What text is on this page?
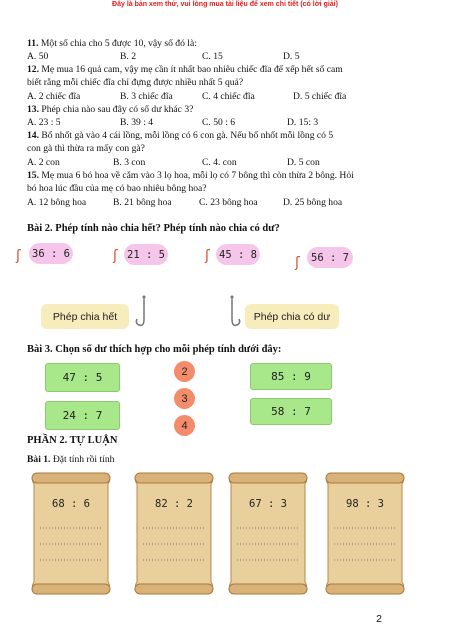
Đây là bản xem thử, vui lòng mua tài liệu để xem chi tiết (có lời giải)
11. Một số chia cho 5 được 10, vậy số đó là:
A. 50	B. 2	C. 15	D. 5
12. Mẹ mua 16 quả cam, vậy mẹ cần ít nhất bao nhiêu chiếc đĩa để xếp hết số cam
biết rằng mỗi chiếc đĩa chỉ đựng được nhiều nhất 5 quả?
A. 2 chiếc đĩa	B. 3 chiếc đĩa	C. 4 chiếc đĩa	D. 5 chiếc đĩa
13. Phép chia nào sau đây có số dư khác 3?
A. 23 : 5	B. 39 : 4	C. 50 : 6	D. 15: 3
14. Bố nhốt gà vào 4 cái lồng, mỗi lồng có 6 con gà. Nếu bố nhốt mỗi lồng có 5
con gà thì thừa ra mấy con gà?
A. 2 con	B. 3 con	C. 4. con	D. 5 con
15. Mẹ mua 6 bó hoa về cắm vào 3 lọ hoa, mỗi lọ có 7 bông thì còn thừa 2 bông. Hỏi
bó hoa lúc đầu của mẹ có bao nhiêu bông hoa?
A. 12 bông hoa	B. 21 bông hoa	C. 23 bông hoa	D. 25 bông hoa
Bài 2. Phép tính nào chia hết? Phép tính nào chia có dư?
ʃ 36 : 6	ʃ 21 : 5	ʃ 45 : 8
ʃ	56 : 7
Phép chia hết	Phép chia có dư
Bài 3. Chọn số dư thích hợp cho mỗi phép tính dưới đây:
47 : 5
24 : 7
2
3
4
85 : 9
58 : 7
PHẦN 2. TỰ LUẬN
Bài 1. Đặt tính rồi tính
68 : 6	82 : 2	67 : 3	98 : 3
2
